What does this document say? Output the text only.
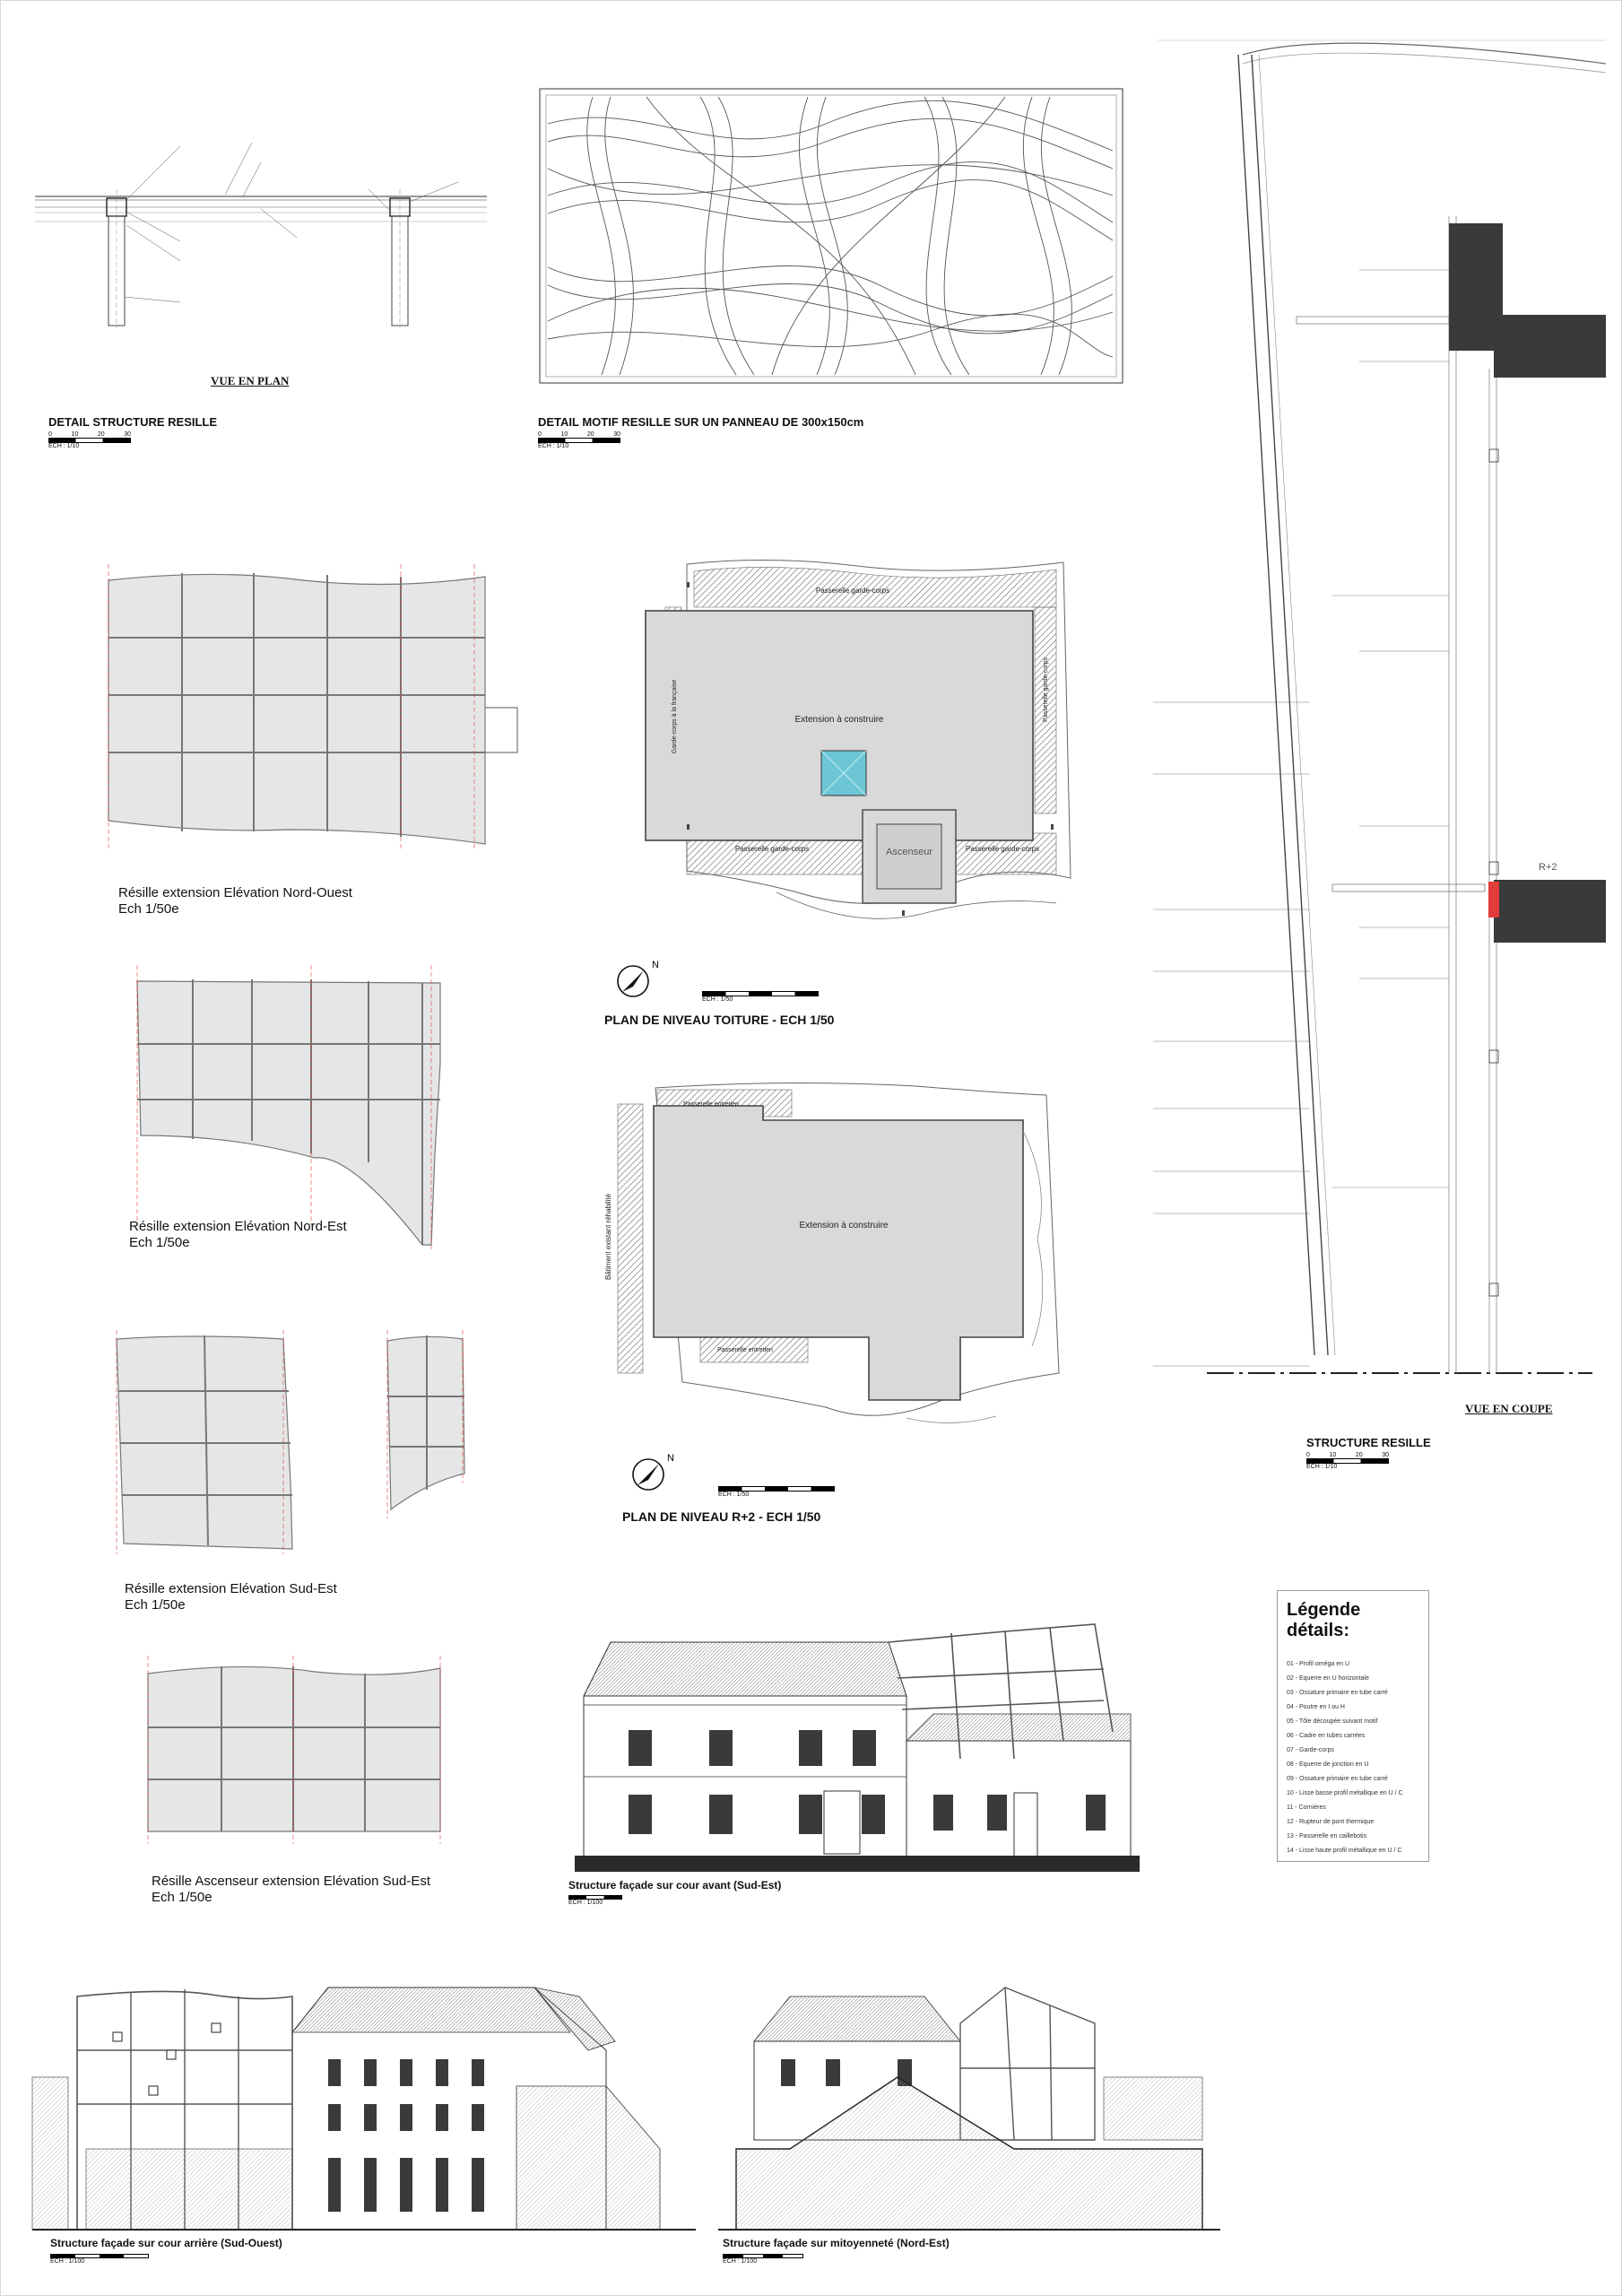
VUE EN PLAN
DETAIL STRUCTURE RESILLE
0	10	20	30
ECH : 1/10
DETAIL MOTIF RESILLE SUR UN PANNEAU DE 300x150cm
0	10	20	30
ECH : 1/10
R+2
VUE EN COUPE
STRUCTURE RESILLE
0	10	20	30
ECH : 1/10
Résille extension Elévation Nord-Ouest
Ech 1/50e
Résille extension Elévation Nord-Est
Ech 1/50e
Résille extension Elévation Sud-Est
Ech 1/50e
Résille Ascenseur extension Elévation Sud-Est
Ech 1/50e
Extension à construire
Passerelle garde-corps
Garde-corps à la française	Passerelle garde-corps
Passerelle garde-corps	Passerelle garde-corps
Ascenseur
N
ECH : 1/50
PLAN DE NIVEAU TOITURE - ECH 1/50
Extension à construire
Passerelle entretien
Passerelle entretien
Bâtiment existant réhabilité
N
ECH : 1/50
PLAN DE NIVEAU R+2 - ECH 1/50
Légende détails:
01 - Profil oméga en U
02 - Equerre en U horizontale
03 - Ossature primaire en tube carré
04 - Poutre en I ou H
05 - Tôle découpée suivant motif
06 - Cadre en tubes carrées
07 - Garde-corps
08 - Equerre de jonction en U
09 - Ossature primaire en tube carré
10 - Lisse basse profil métallique en U / C
11 - Cornières
12 - Rupteur de pont thermique
13 - Passerelle en caillebotis
14 - Lisse haute profil métallique en U / C
Structure façade sur cour avant (Sud-Est)
ECH : 1/100
Structure façade sur cour arrière (Sud-Ouest)
ECH : 1/100
Structure façade sur mitoyenneté (Nord-Est)
ECH : 1/100
